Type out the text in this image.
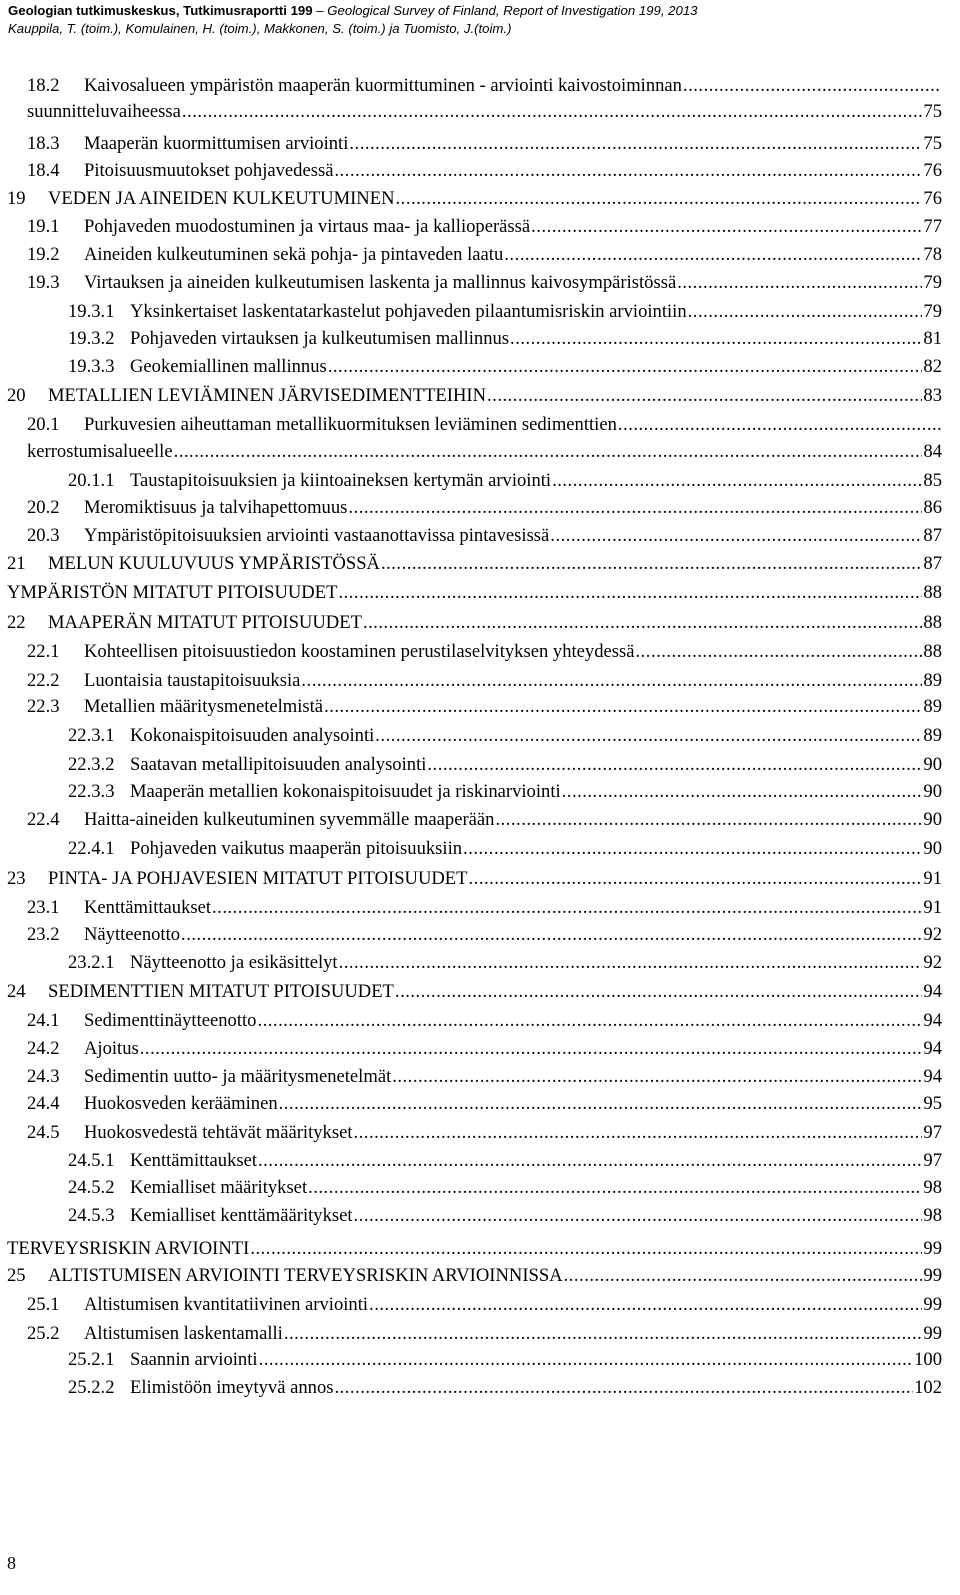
Geologian tutkimuskeskus, Tutkimusraportti 199 – Geological Survey of Finland, Report of Investigation 199, 2013
Kauppila, T. (toim.), Komulainen, H. (toim.), Makkonen, S. (toim.) ja Tuomisto, J.(toim.)
18.2 Kaivosalueen ympäristön maaperän kuormittuminen - arviointi kaivostoiminnan
.....
suunnitteluvaiheessa .....	75
18.3 Maaperän kuormittumisen arviointi .....	75
18.4 Pitoisuusmuutokset pohjavedessä .....	76
19 VEDEN JA AINEIDEN KULKEUTUMINEN .....	76
19.1 Pohjaveden muodostuminen ja virtaus maa- ja kallioperässä .....	77
19.2 Aineiden kulkeutuminen sekä pohja- ja pintaveden laatu .....	78
19.3 Virtauksen ja aineiden kulkeutumisen laskenta ja mallinnus kaivosympäristössä .....	79
19.3.1 Yksinkertaiset laskentatarkastelut pohjaveden pilaantumisriskin arviointiin .....	79
19.3.2 Pohjaveden virtauksen ja kulkeutumisen mallinnus .....	81
19.3.3 Geokemiallinen mallinnus .....	82
20 METALLIEN LEVIÄMINEN JÄRVISEDIMENTTEIHIN .....	83
20.1 Purkuvesien aiheuttaman metallikuormituksen leviäminen sedimenttien
.....
kerrostumisalueelle .....	84
20.1.1 Taustapitoisuuksien ja kiintoaineksen kertymän arviointi .....	85
20.2 Meromiktisuus ja talvihapettomuus .....	86
20.3 Ympäristöpitoisuuksien arviointi vastaanottavissa pintavesissä .....	87
21 MELUN KUULUVUUS YMPÄRISTÖSSÄ .....	87
YMPÄRISTÖN MITATUT PITOISUUDET .....	88
22 MAAPERÄN MITATUT PITOISUUDET .....	88
22.1 Kohteellisen pitoisuustiedon koostaminen perustilaselvityksen yhteydessä .....	88
22.2 Luontaisia taustapitoisuuksia .....	89
22.3 Metallien määritysmenetelmistä .....	89
22.3.1 Kokonaispitoisuuden analysointi .....	89
22.3.2 Saatavan metallipitoisuuden analysointi .....	90
22.3.3 Maaperän metallien kokonaispitoisuudet ja riskinarviointi .....	90
22.4 Haitta-aineiden kulkeutuminen syvemmälle maaperään .....	90
22.4.1 Pohjaveden vaikutus maaperän pitoisuuksiin .....	90
23 PINTA- JA POHJAVESIEN MITATUT PITOISUUDET .....	91
23.1 Kenttämittaukset .....	91
23.2 Näytteenotto .....	92
23.2.1 Näytteenotto ja esikäsittelyt .....	92
24 SEDIMENTTIEN MITATUT PITOISUUDET .....	94
24.1 Sedimenttinäytteenotto .....	94
24.2 Ajoitus .....	94
24.3 Sedimentin uutto- ja määritysmenetelmät .....	94
24.4 Huokosveden kerääminen .....	95
24.5 Huokosvedestä tehtävät määritykset .....	97
24.5.1 Kenttämittaukset .....	97
24.5.2 Kemialliset määritykset .....	98
24.5.3 Kemialliset kenttämääritykset .....	98
TERVEYSRISKIN ARVIOINTI .....	99
25 ALTISTUMISEN ARVIOINTI TERVEYSRISKIN ARVIOINNISSA .....	99
25.1 Altistumisen kvantitatiivinen arviointi .....	99
25.2 Altistumisen laskentamalli .....	99
25.2.1 Saannin arviointi .....	100
25.2.2 Elimistöön imeytyvä annos .....	102
8
